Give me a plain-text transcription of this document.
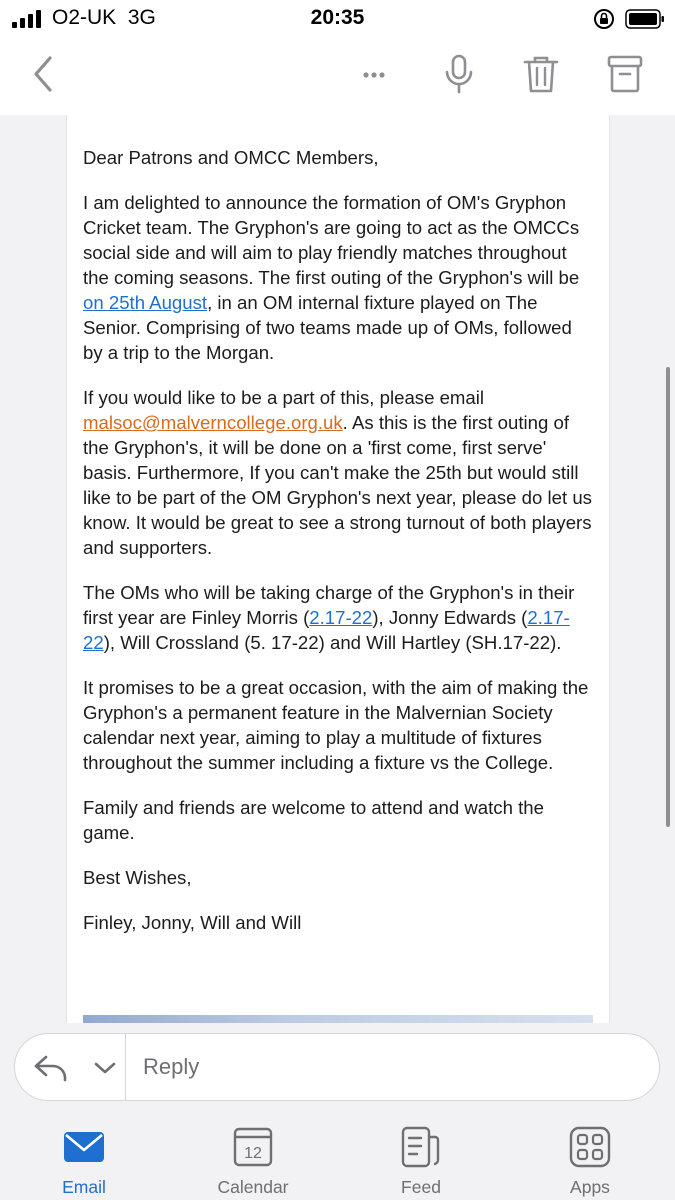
O2-UK  3G	20:35

Dear Patrons and OMCC Members,

I am delighted to announce the formation of OM's Gryphon Cricket team. The Gryphon's are going to act as the OMCCs social side and will aim to play friendly matches throughout the coming seasons. The first outing of the Gryphon's will be on 25th August, in an OM internal fixture played on The Senior. Comprising of two teams made up of OMs, followed by a trip to the Morgan.

If you would like to be a part of this, please email malsoc@malverncollege.org.uk. As this is the first outing of the Gryphon's, it will be done on a 'first come, first serve' basis. Furthermore, If you can't make the 25th but would still like to be part of the OM Gryphon's next year, please do let us know. It would be great to see a strong turnout of both players and supporters.

The OMs who will be taking charge of the Gryphon's in their first year are Finley Morris (2.17-22), Jonny Edwards (2.17-22), Will Crossland (5. 17-22) and Will Hartley (SH.17-22).

It promises to be a great occasion, with the aim of making the Gryphon's a permanent feature in the Malvernian Society calendar next year, aiming to play a multitude of fixtures throughout the summer including a fixture vs the College.

Family and friends are welcome to attend and watch the game.

Best Wishes,

Finley, Jonny, Will and Will

Reply
Email
12
Calendar	Feed	Apps
